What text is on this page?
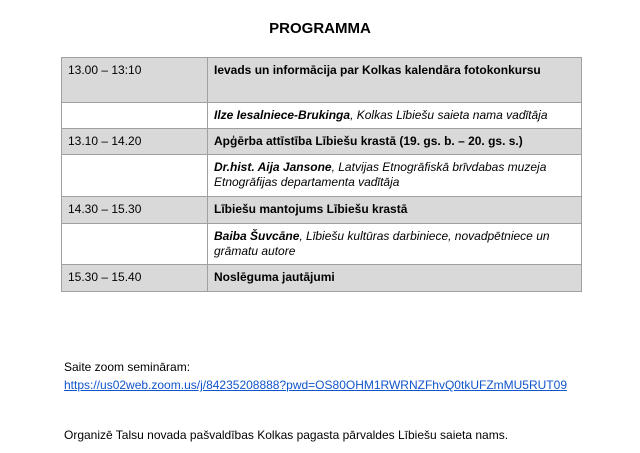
PROGRAMMA
13.00 – 13:10	Ievads un informācija par Kolkas kalendāra fotokonkursu
	Ilze Iesalniece-Brukinga, Kolkas Lībiešu saieta nama vadītāja
13.10 – 14.20	Apģērba attīstība Lībiešu krastā (19. gs. b. – 20. gs. s.)
	Dr.hist. Aija Jansone, Latvijas Etnogrāfiskā brīvdabas muzeja Etnogrāfijas departamenta vadītāja
14.30 – 15.30	Lībiešu mantojums Lībiešu krastā
	Baiba Šuvcāne, Lībiešu kultūras darbiniece, novadpētniece un grāmatu autore
15.30 – 15.40	Noslēguma jautājumi

Saite zoom semināram:

https://us02web.zoom.us/j/84235208888?pwd=OS80OHM1RWRNZFhvQ0tkUFZmMU5RUT09

Organizē Talsu novada pašvaldības Kolkas pagasta pārvaldes Lībiešu saieta nams.
